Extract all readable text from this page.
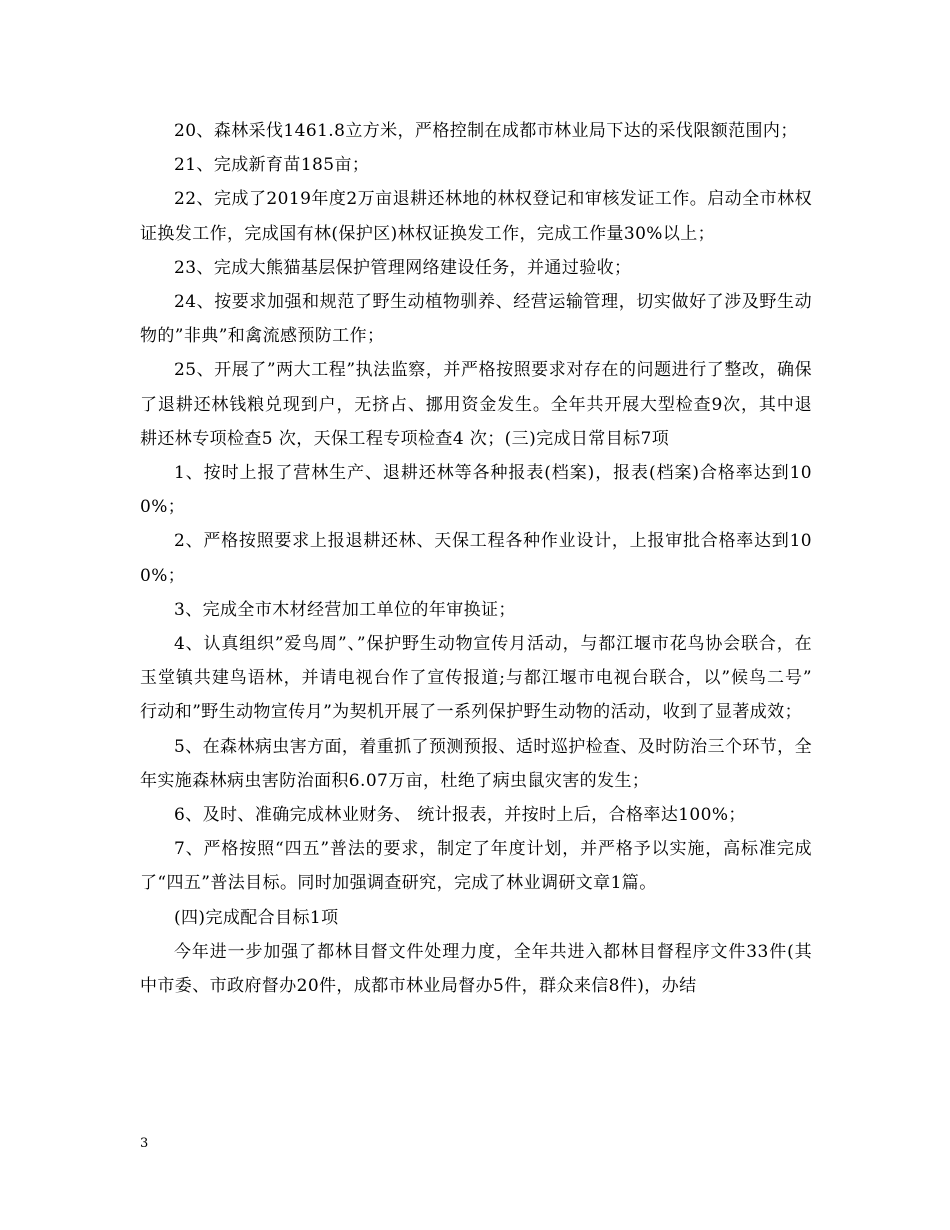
20、森林采伐1461.8立方米，严格控制在成都市林业局下达的采伐限额范围内；

21、完成新育苗185亩；

22、完成了2019年度2万亩退耕还林地的林权登记和审核发证工作。启动全市林权证换发工作，完成国有林(保护区)林权证换发工作，完成工作量30%以上；

23、完成大熊猫基层保护管理网络建设任务，并通过验收；

24、按要求加强和规范了野生动植物驯养、经营运输管理，切实做好了涉及野生动物的”非典”和禽流感预防工作；

25、开展了”两大工程”执法监察，并严格按照要求对存在的问题进行了整改，确保了退耕还林钱粮兑现到户，无挤占、挪用资金发生。全年共开展大型检查9次，其中退耕还林专项检查5 次，天保工程专项检查4 次；(三)完成日常目标7项

1、按时上报了营林生产、退耕还林等各种报表(档案)，报表(档案)合格率达到100%；

2、严格按照要求上报退耕还林、天保工程各种作业设计，上报审批合格率达到100%；

3、完成全市木材经营加工单位的年审换证；

4、认真组织”爱鸟周”、”保护野生动物宣传月活动，与都江堰市花鸟协会联合，在玉堂镇共建鸟语林，并请电视台作了宣传报道;与都江堰市电视台联合，以”候鸟二号” 行动和”野生动物宣传月”为契机开展了一系列保护野生动物的活动，收到了显著成效；

5、在森林病虫害方面，着重抓了预测预报、适时巡护检查、及时防治三个环节，全年实施森林病虫害防治面积6.07万亩，杜绝了病虫鼠灾害的发生；

6、及时、准确完成林业财务、 统计报表，并按时上后，合格率达100%；

7、严格按照“四五”普法的要求，制定了年度计划，并严格予以实施，高标准完成了“四五”普法目标。同时加强调查研究，完成了林业调研文章1篇。

(四)完成配合目标1项

今年进一步加强了都林目督文件处理力度，全年共进入都林目督程序文件33件(其中市委、市政府督办20件，成都市林业局督办5件，群众来信8件)，办结

3
